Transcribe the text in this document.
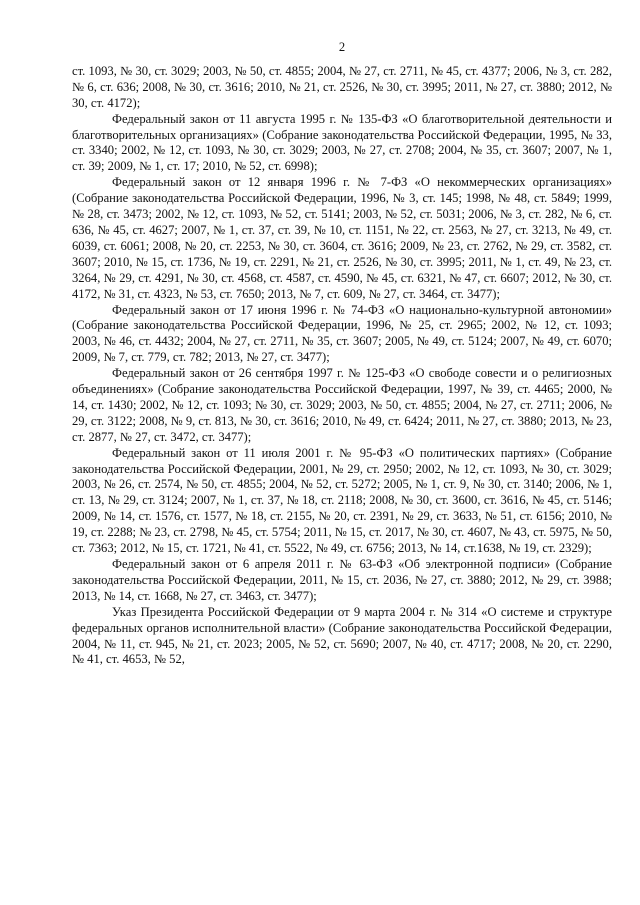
2

ст. 1093, № 30, ст. 3029; 2003, № 50, ст. 4855; 2004, № 27, ст. 2711, № 45, ст. 4377; 2006, № 3, ст. 282, № 6, ст. 636; 2008, № 30, ст. 3616; 2010, № 21, ст. 2526, № 30, ст. 3995; 2011, № 27, ст. 3880; 2012, № 30, ст. 4172);

Федеральный закон от 11 августа 1995 г. № 135-ФЗ «О благотворительной деятельности и благотворительных организациях» (Собрание законодательства Российской Федерации, 1995, № 33, ст. 3340; 2002, № 12, ст. 1093, № 30, ст. 3029; 2003, № 27, ст. 2708; 2004, № 35, ст. 3607; 2007, № 1, ст. 39; 2009, № 1, ст. 17; 2010, № 52, ст. 6998);

Федеральный закон от 12 января 1996 г. № 7-ФЗ «О некоммерческих организациях» (Собрание законодательства Российской Федерации, 1996, № 3, ст. 145; 1998, № 48, ст. 5849; 1999, № 28, ст. 3473; 2002, № 12, ст. 1093, № 52, ст. 5141; 2003, № 52, ст. 5031; 2006, № 3, ст. 282, № 6, ст. 636, № 45, ст. 4627; 2007, № 1, ст. 37, ст. 39, № 10, ст. 1151, № 22, ст. 2563, № 27, ст. 3213, № 49, ст. 6039, ст. 6061; 2008, № 20, ст. 2253, № 30, ст. 3604, ст. 3616; 2009, № 23, ст. 2762, № 29, ст. 3582, ст. 3607; 2010, № 15, ст. 1736, № 19, ст. 2291, № 21, ст. 2526, № 30, ст. 3995; 2011, № 1, ст. 49, № 23, ст. 3264, № 29, ст. 4291, № 30, ст. 4568, ст. 4587, ст. 4590, № 45, ст. 6321, № 47, ст. 6607; 2012, № 30, ст. 4172, № 31, ст. 4323, № 53, ст. 7650; 2013, № 7, ст. 609, № 27, ст. 3464, ст. 3477);

Федеральный закон от 17 июня 1996 г. № 74-ФЗ «О национально-культурной автономии» (Собрание законодательства Российской Федерации, 1996, № 25, ст. 2965; 2002, № 12, ст. 1093; 2003, № 46, ст. 4432; 2004, № 27, ст. 2711, № 35, ст. 3607; 2005, № 49, ст. 5124; 2007, № 49, ст. 6070; 2009, № 7, ст. 779, ст. 782; 2013, № 27, ст. 3477);

Федеральный закон от 26 сентября 1997 г. № 125-ФЗ «О свободе совести и о религиозных объединениях» (Собрание законодательства Российской Федерации, 1997, № 39, ст. 4465; 2000, № 14, ст. 1430; 2002, № 12, ст. 1093; № 30, ст. 3029; 2003, № 50, ст. 4855; 2004, № 27, ст. 2711; 2006, № 29, ст. 3122; 2008, № 9, ст. 813, № 30, ст. 3616; 2010, № 49, ст. 6424; 2011, № 27, ст. 3880; 2013, № 23, ст. 2877, № 27, ст. 3472, ст. 3477);

Федеральный закон от 11 июля 2001 г. № 95-ФЗ «О политических партиях» (Собрание законодательства Российской Федерации, 2001, № 29, ст. 2950; 2002, № 12, ст. 1093, № 30, ст. 3029; 2003, № 26, ст. 2574, № 50, ст. 4855; 2004, № 52, ст. 5272; 2005, № 1, ст. 9, № 30, ст. 3140; 2006, № 1, ст. 13, № 29, ст. 3124; 2007, № 1, ст. 37, № 18, ст. 2118; 2008, № 30, ст. 3600, ст. 3616, № 45, ст. 5146; 2009, № 14, ст. 1576, ст. 1577, № 18, ст. 2155, № 20, ст. 2391, № 29, ст. 3633, № 51, ст. 6156; 2010, № 19, ст. 2288; № 23, ст. 2798, № 45, ст. 5754; 2011, № 15, ст. 2017, № 30, ст. 4607, № 43, ст. 5975, № 50, ст. 7363; 2012, № 15, ст. 1721, № 41, ст. 5522, № 49, ст. 6756; 2013, № 14, ст.1638, № 19, ст. 2329);

Федеральный закон от 6 апреля 2011 г. № 63-ФЗ «Об электронной подписи» (Собрание законодательства Российской Федерации, 2011, № 15, ст. 2036, № 27, ст. 3880; 2012, № 29, ст. 3988; 2013, № 14, ст. 1668, № 27, ст. 3463, ст. 3477);

Указ Президента Российской Федерации от 9 марта 2004 г. № 314 «О системе и структуре федеральных органов исполнительной власти» (Собрание законодательства Российской Федерации, 2004, № 11, ст. 945, № 21, ст. 2023; 2005, № 52, ст. 5690; 2007, № 40, ст. 4717; 2008, № 20, ст. 2290, № 41, ст. 4653, № 52,
